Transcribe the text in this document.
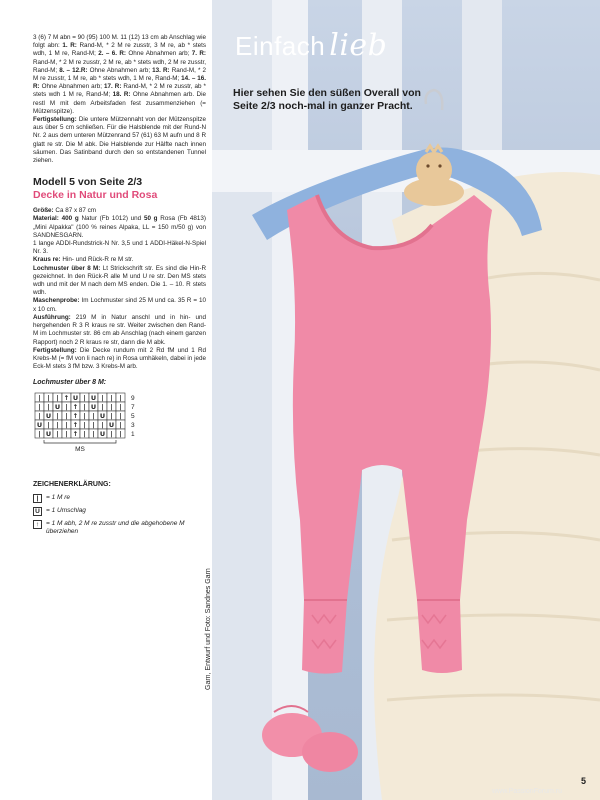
3 (6) 7 M abn = 90 (95) 100 M. 11 (12) 13 cm ab Anschlag wie folgt abn: 1. R: Rand-M, * 2 M re zusstr, 3 M re, ab * stets wdh, 1 M re, Rand-M; 2. – 6. R: Ohne Abnahmen arb; 7. R: Rand-M, * 2 M re zusstr, 2 M re, ab * stets wdh, 2 M re zusstr, Rand-M; 8. – 12.R: Ohne Abnahmen arb; 13. R: Rand-M, * 2 M re zusstr, 1 M re, ab * stets wdh, 1 M re, Rand-M; 14. – 16. R: Ohne Abnahmen arb; 17. R: Rand-M, * 2 M re zusstr, ab * stets wdh 1 M re, Rand-M; 18. R: Ohne Abnahmen arb. Die restl M mit dem Arbeitsfaden fest zusammenziehen (= Mützenspitze).

Fertigstellung: Die untere Mützennaht von der Mützenspitze aus über 5 cm schließen. Für die Halsblende mit der Rund-N Nr. 2 aus dem unteren Mützenrand 57 (61) 63 M aufn und 8 R glatt re str. Die M abk. Die Halsblende zur Hälfte nach innen säumen. Das Satinband durch den so entstandenen Tunnel ziehen.

Modell 5 von Seite 2/3
Decke in Natur und Rosa

Größe: Ca 87 x 87 cm

Material: 400 g Natur (Fb 1012) und 50 g Rosa (Fb 4813) „Mini Alpakka" (100 % reines Alpaka, LL = 150 m/50 g) von SANDNESGARN.

1 lange ADDI-Rundstrick-N Nr. 3,5 und 1 ADDI-Häkel-N-Spiel Nr. 3.

Kraus re: Hin- und Rück-R re M str.

Lochmuster über 8 M: Lt Strickschrift str. Es sind die Hin-R gezeichnet. In den Rück-R alle M und U re str. Den MS stets wdh und mit der M nach dem MS enden. Die 1. – 10. R stets wdh.

Maschenprobe: Im Lochmuster sind 25 M und ca. 35 R = 10 x 10 cm.

Ausführung: 219 M in Natur anschl und in hin- und hergehenden R 3 R kraus re str. Weiter zwischen den Rand-M im Lochmuster str. 86 cm ab Anschlag (nach einem ganzen Rapport) noch 2 R kraus re str, dann die M abk.

Fertigstellung: Die Decke rundum mit 2 Rd fM und 1 Rd Krebs-M (= fM von li nach re) in Rosa umhäkeln, dabei in jede Eck-M stets 3 fM bzw. 3 Krebs-M arb.

Lochmuster über 8 M:
| | | ↑ U | U | | | 9
| | U | ↑ | U | | | 7
| U | | ↑ | | U | | 5
U | | | ↑ | | | U | 3
| U | | ↑ | | U | | 1
MS
ZEICHENERKLÄRUNG:
|	= 1 M re
U = 1 Umschlag
↑	= 1 M abh, 2 M re zusstr und die abgehobene M überziehen
Einfach lieb
Hier sehen Sie den süßen Overall von Seite 2/3 noch-mal in ganzer Pracht.
Garn, Entwurf und Foto: Sandnes Garn
5
www.PassionForum.ru
